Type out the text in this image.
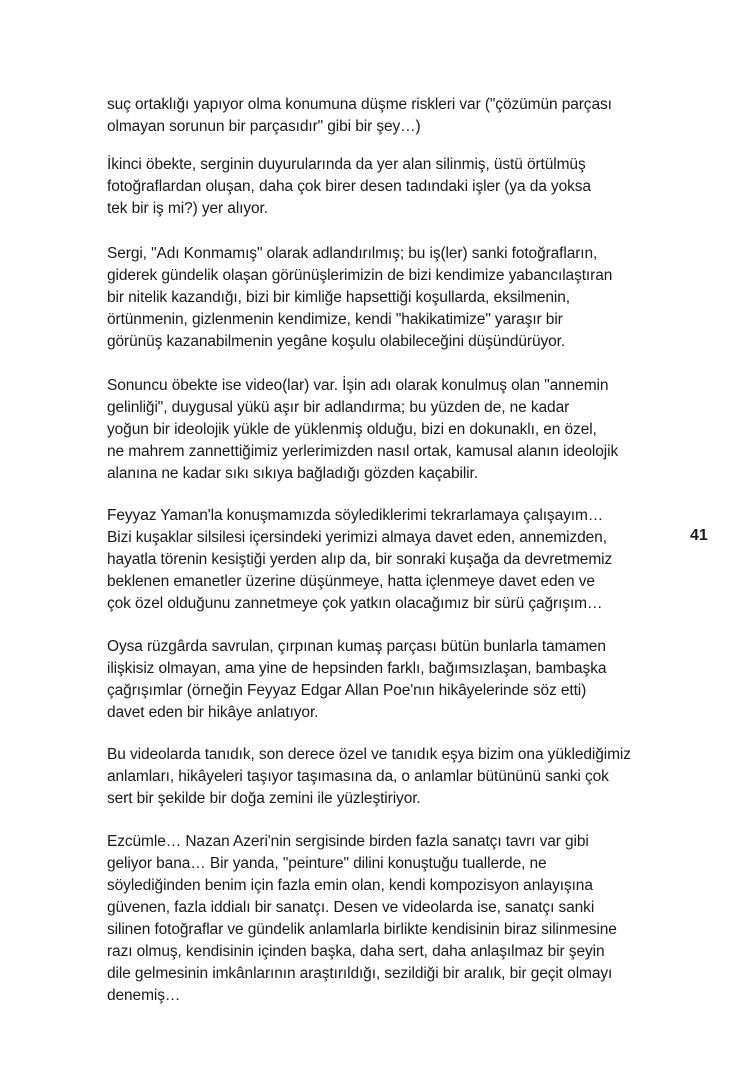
suç ortaklığı yapıyor olma konumuna düşme riskleri var ("çözümün parçası
olmayan sorunun bir parçasıdır" gibi bir şey…)

İkinci öbekte, serginin duyurularında da yer alan silinmiş, üstü örtülmüş
fotoğraflardan oluşan, daha çok birer desen tadındaki işler (ya da yoksa
tek bir iş mi?) yer alıyor.

Sergi, "Adı Konmamış" olarak adlandırılmış; bu iş(ler) sanki fotoğrafların,
giderek gündelik olaşan görünüşlerimizin de bizi kendimize yabancılaştıran
bir nitelik kazandığı, bizi bir kimliğe hapsettiği koşullarda, eksilmenin,
örtünmenin, gizlenmenin kendimize, kendi "hakikatimize" yaraşır bir
görünüş kazanabilmenin yegâne koşulu olabileceğini düşündürüyor.

Sonuncu öbekte ise video(lar) var. İşin adı olarak konulmuş olan "annemin
gelinliği", duygusal yükü aşır bir adlandırma; bu yüzden de, ne kadar
yoğun bir ideolojik yükle de yüklenmiş olduğu, bizi en dokunaklı, en özel,
ne mahrem zannettiğimiz yerlerimizden nasıl ortak, kamusal alanın ideolojik
alanına ne kadar sıkı sıkıya bağladığı gözden kaçabilir.

Feyyaz Yaman'la konuşmamızda söylediklerimi tekrarlamaya çalışayım…
Bizi kuşaklar silsilesi içersindeki yerimizi almaya davet eden, annemizden,
hayatla törenin kesiştiği yerden alıp da, bir sonraki kuşağa da devretmemiz
beklenen emanetler üzerine düşünmeye, hatta içlenmeye davet eden ve
çok özel olduğunu zannetmeye çok yatkın olacağımız bir sürü çağrışım…

Oysa rüzgârda savrulan, çırpınan kumaş parçası bütün bunlarla tamamen
ilişkisiz olmayan, ama yine de hepsinden farklı, bağımsızlaşan, bambaşka
çağrışımlar (örneğin Feyyaz Edgar Allan Poe'nın hikâyelerinde söz etti)
davet eden bir hikâye anlatıyor.

Bu videolarda tanıdık, son derece özel ve tanıdık eşya bizim ona yüklediğimiz
anlamları, hikâyeleri taşıyor taşımasına da, o anlamlar bütününü sanki çok
sert bir şekilde bir doğa zemini ile yüzleştiriyor.

Ezcümle… Nazan Azeri'nin sergisinde birden fazla sanatçı tavrı var gibi
geliyor bana… Bir yanda, "peinture" dilini konuştuğu tuallerde, ne
söylediğinden benim için fazla emin olan, kendi kompozisyon anlayışına
güvenen, fazla iddialı bir sanatçı. Desen ve videolarda ise, sanatçı sanki
silinen fotoğraflar ve gündelik anlamlarla birlikte kendisinin biraz silinmesine
razı olmuş, kendisinin içinden başka, daha sert, daha anlaşılmaz bir şeyin
dile gelmesinin imkânlarının araştırıldığı, sezildiği bir aralık, bir geçit olmayı
denemiş…

41
